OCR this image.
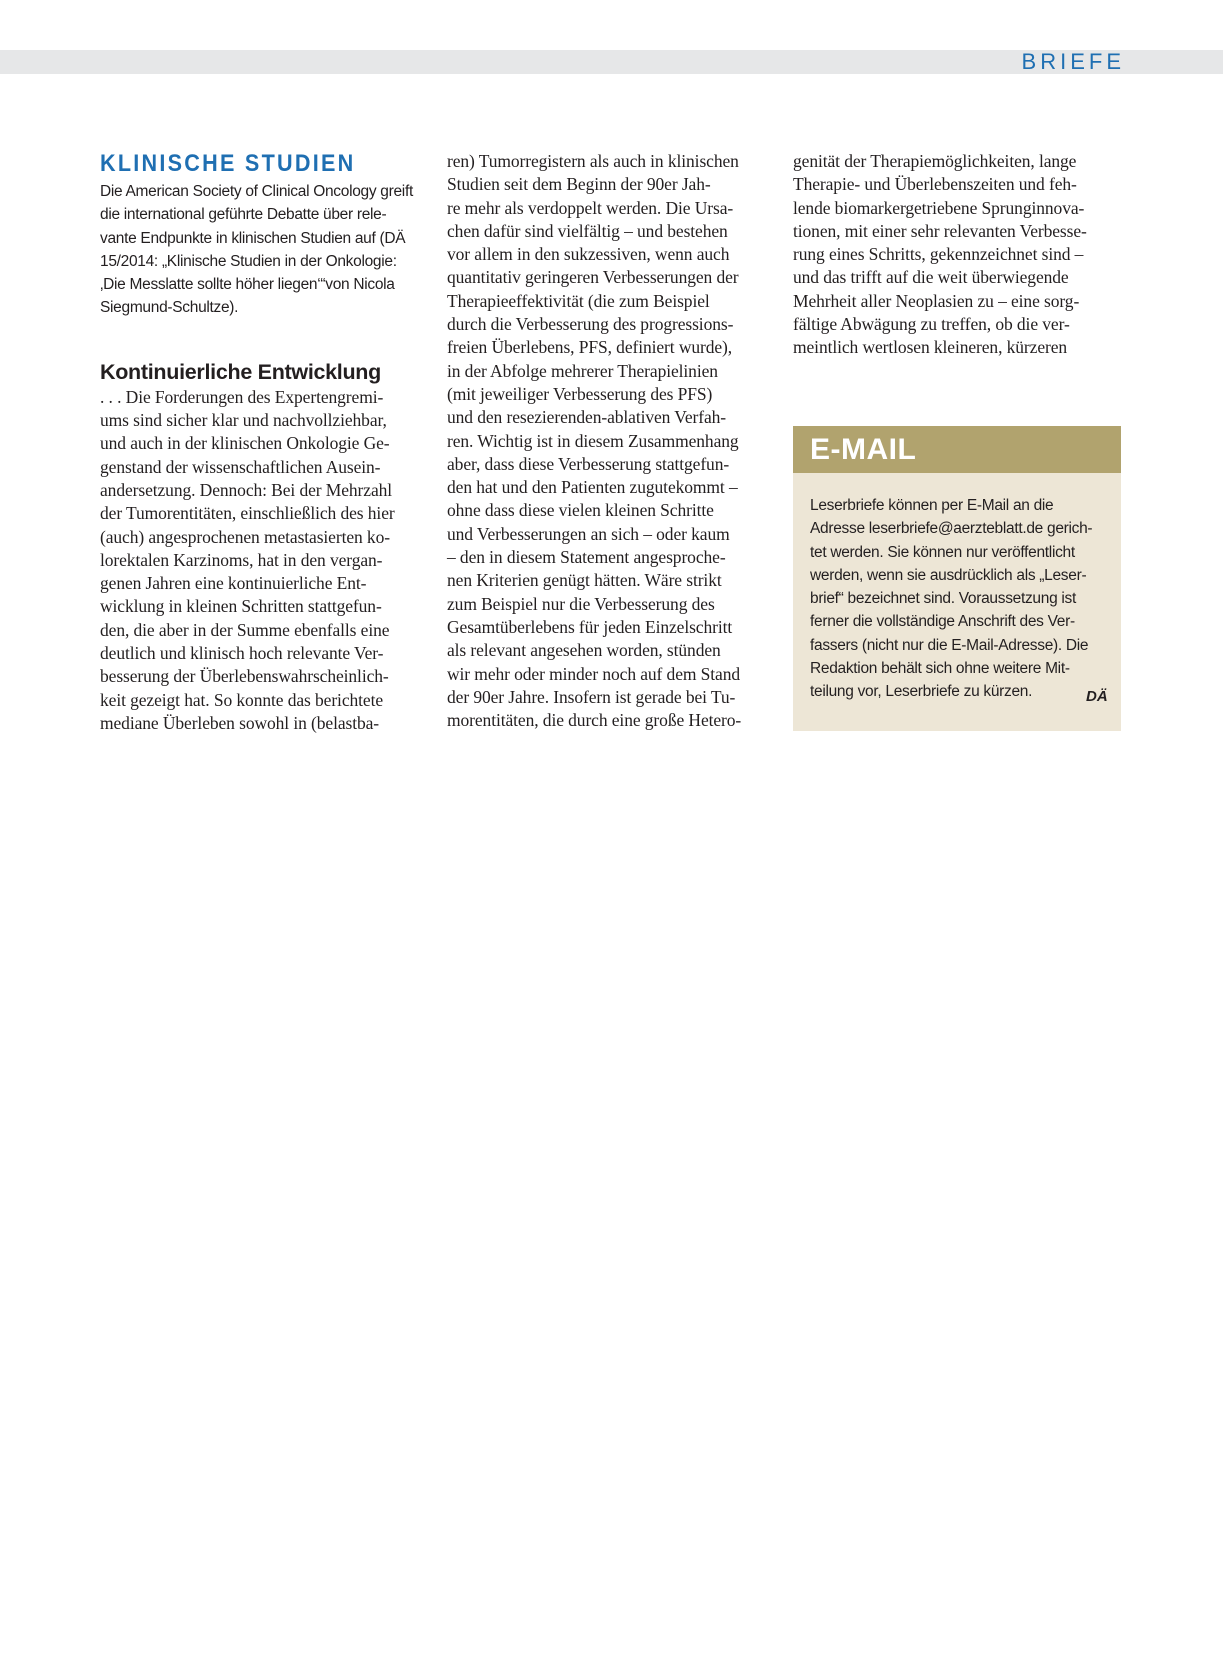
BRIEFE
KLINISCHE STUDIEN
Die American Society of Clinical Oncology greift
die international geführte Debatte über rele-
vante Endpunkte in klinischen Studien auf (DÄ
15/2014: „Klinische Studien in der Onkologie:
‚Die Messlatte sollte höher liegen‘“von Nicola
Siegmund-Schultze).
Kontinuierliche Entwicklung
. . . Die Forderungen des Expertengremi-
ums sind sicher klar und nachvollziehbar,
und auch in der klinischen Onkologie Ge-
genstand der wissenschaftlichen Ausein-
andersetzung. Dennoch: Bei der Mehrzahl
der Tumorentitäten, einschließlich des hier
(auch) angesprochenen metastasierten ko-
lorektalen Karzinoms, hat in den vergan-
genen Jahren eine kontinuierliche Ent-
wicklung in kleinen Schritten stattgefun-
den, die aber in der Summe ebenfalls eine
deutlich und klinisch hoch relevante Ver-
besserung der Überlebenswahrscheinlich-
keit gezeigt hat. So konnte das berichtete
mediane Überleben sowohl in (belastba-
ren) Tumorregistern als auch in klinischen
Studien seit dem Beginn der 90er Jah-
re mehr als verdoppelt werden. Die Ursa-
chen dafür sind vielfältig – und bestehen
vor allem in den sukzessiven, wenn auch
quantitativ geringeren Verbesserungen der
Therapieeffektivität (die zum Beispiel
durch die Verbesserung des progressions-
freien Überlebens, PFS, definiert wurde),
in der Abfolge mehrerer Therapielinien
(mit jeweiliger Verbesserung des PFS)
und den resezierenden-ablativen Verfah-
ren. Wichtig ist in diesem Zusammenhang
aber, dass diese Verbesserung stattgefun-
den hat und den Patienten zugutekommt –
ohne dass diese vielen kleinen Schritte
und Verbesserungen an sich – oder kaum
– den in diesem Statement angesproche-
nen Kriterien genügt hätten. Wäre strikt
zum Beispiel nur die Verbesserung des
Gesamtüberlebens für jeden Einzelschritt
als relevant angesehen worden, stünden
wir mehr oder minder noch auf dem Stand
der 90er Jahre. Insofern ist gerade bei Tu-
morentitäten, die durch eine große Hetero-
genität der Therapiemöglichkeiten, lange
Therapie- und Überlebenszeiten und feh-
lende biomarkergetriebene Sprunginnova-
tionen, mit einer sehr relevanten Verbesse-
rung eines Schritts, gekennzeichnet sind –
und das trifft auf die weit überwiegende
Mehrheit aller Neoplasien zu – eine sorg-
fältige Abwägung zu treffen, ob die ver-
meintlich wertlosen kleineren, kürzeren
E-MAIL
Leserbriefe können per E-Mail an die
Adresse leserbriefe@aerzteblatt.de gerich-
tet werden. Sie können nur veröffentlicht
werden, wenn sie ausdrücklich als „Leser-
brief“ bezeichnet sind. Voraussetzung ist
ferner die vollständige Anschrift des Ver-
fassers (nicht nur die E-Mail-Adresse). Die
Redaktion behält sich ohne weitere Mit-
teilung vor, Leserbriefe zu kürzen.	DÄ
